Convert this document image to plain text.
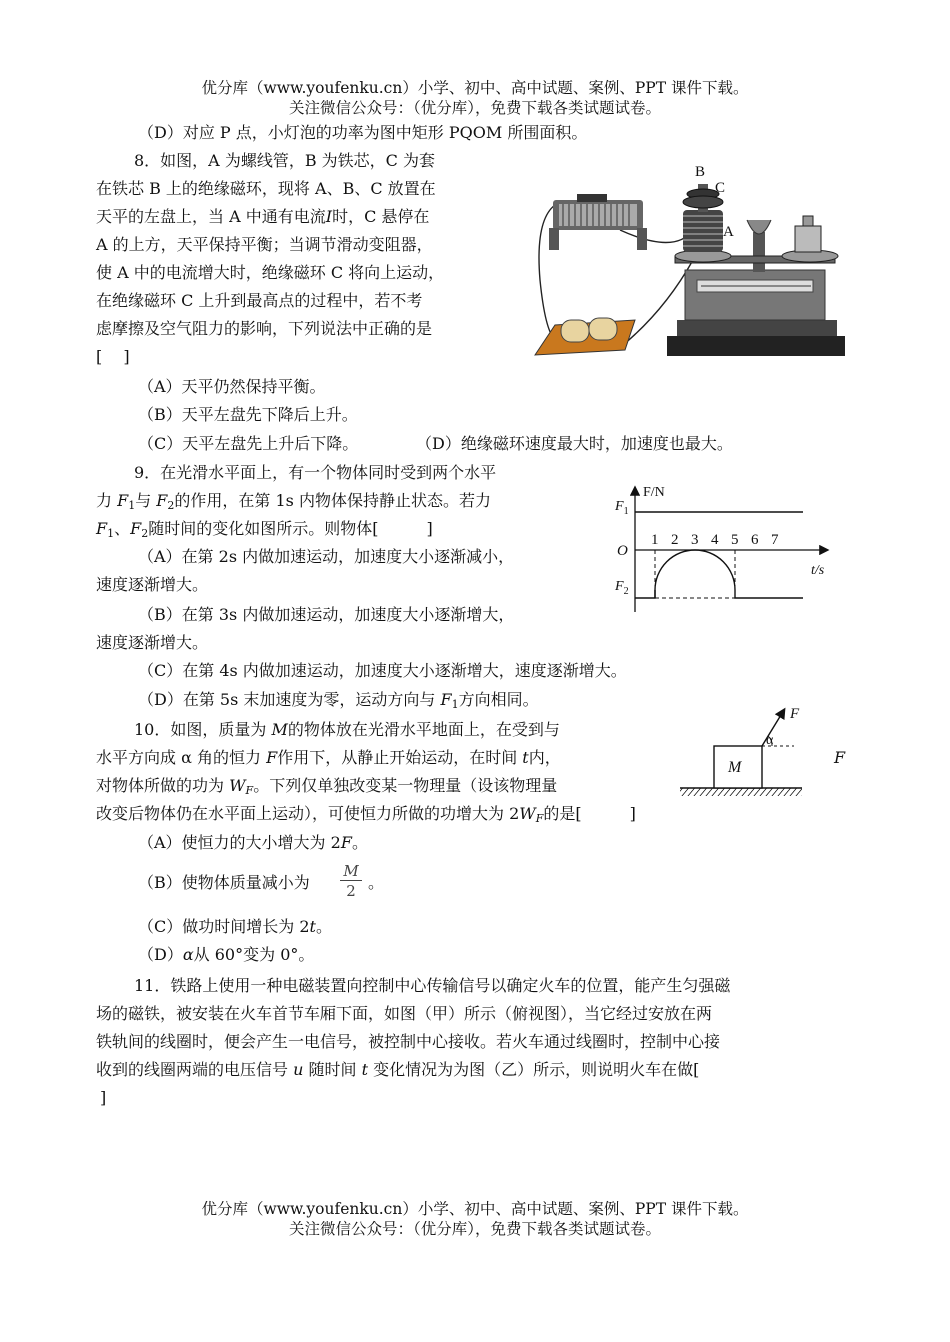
优分库（www.youfenku.cn）小学、初中、高中试题、案例、PPT 课件下载。
关注微信公众号：（优分库），免费下载各类试题试卷。
（D）对应 P 点，小灯泡的功率为图中矩形 PQOM 所围面积。
8．如图，A 为螺线管，B 为铁芯，C 为套
在铁芯 B 上的绝缘磁环，现将 A、B、C 放置在
天平的左盘上，当 A 中通有电流I时，C 悬停在
A 的上方，天平保持平衡；当调节滑动变阻器，
使 A 中的电流增大时，绝缘磁环 C 将向上运动，
在绝缘磁环 C 上升到最高点的过程中，若不考
虑摩擦及空气阻力的影响，下列说法中正确的是
[　 ]
（A）天平仍然保持平衡。
（B）天平左盘先下降后上升。
（C）天平左盘先上升后下降。	（D）绝缘磁环速度最大时，加速度也最大。
B
C
A
9．在光滑水平面上，有一个物体同时受到两个水平
力 $F_1$与 $F_2$的作用，在第 1s 内物体保持静止状态。若力
$F_1$、$F_2$随时间的变化如图所示。则物体[　　　]
（A）在第 2s 内做加速运动，加速度大小逐渐减小，
速度逐渐增大。
（B）在第 3s 内做加速运动，加速度大小逐渐增大，
速度逐渐增大。
（C）在第 4s 内做加速运动，加速度大小逐渐增大，速度逐渐增大。
（D）在第 5s 末加速度为零，运动方向与 $F_1$方向相同。
1 2 3 4 5 6 7
F/N
t/s
O
$F_1$
$F_2$
10．如图，质量为 M的物体放在光滑水平地面上，在受到与
水平方向成 α 角的恒力 F作用下，从静止开始运动，在时间 t内，
对物体所做的功为 $W_F$。下列仅单独改变某一物理量（设该物理量
改变后物体仍在水平面上运动），可使恒力所做的功增大为 $2W_F$的是[　　　]
（A）使恒力的大小增大为 2F。
（B）使物体质量减小为 $\frac{M}{2}$ 。
（C）做功时间增长为 2t。
（D）α从 60°变为 0°。
F
α
M
F
11．铁路上使用一种电磁装置向控制中心传输信号以确定火车的位置，能产生匀强磁
场的磁铁，被安装在火车首节车厢下面，如图（甲）所示（俯视图），当它经过安放在两
铁轨间的线圈时，便会产生一电信号，被控制中心接收。若火车通过线圈时，控制中心接
收到的线圈两端的电压信号 u 随时间 t 变化情况为为图（乙）所示，则说明火车在做[
]
优分库（www.youfenku.cn）小学、初中、高中试题、案例、PPT 课件下载。
关注微信公众号：（优分库），免费下载各类试题试卷。
